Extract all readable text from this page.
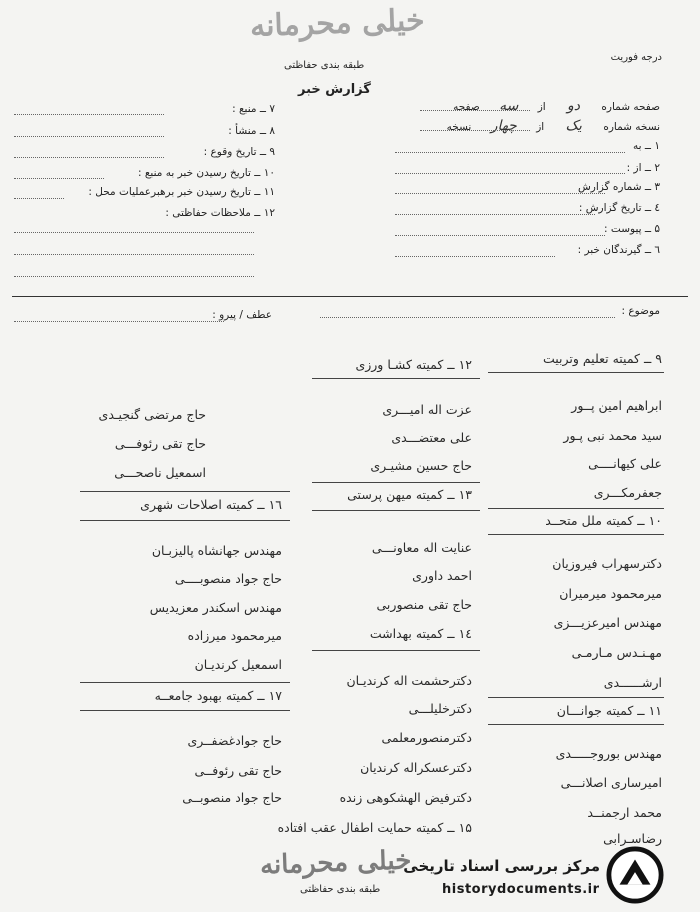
خیلی محرمانه
درجه فوریت
طبقه بندی حفاظتی
گزارش خبر
صفحه شماره دو از سه صفحه
نسخه شماره یک از چهار نسخه
۱ ــ به
۲ ــ از :
۳ ــ شماره گزارش
٤ ــ تاریخ گزارش :
۵ ــ پیوست :
٦ ــ گیرندگان خبر :
۷ ــ منبع :
۸ ــ منشأ :
۹ ــ تاریخ وقوع :
۱۰ ــ تاریخ رسیدن خبر به منبع :
۱۱ ــ تاریخ رسیدن خبر برهبرعملیات محل :
۱۲ ــ ملاحظات حفاظتی :
موضوع :
عطف / پیرو :
۹ ــ کمیته تعلیم وتربیت
ابراهیم امین پــور
سید محمد نبی پـور
علی کیهانــــی
جعفرمکـــری
۱۰ ــ کمیته ملل متحــد
دکترسهراب فیروزیان
میرمحمود میرمیران
مهندس امیرعزیـــزی
مهـنـدس مـارمـی
ارشــــــدی
۱۱ ــ کمیته جوانـــان
مهندس بوروجـــــدی
امیرساری اصلانـــی
محمد ارجمنــد
رضاسـرابی
۱۲ ــ کمیته کشـا ورزی
عزت اله امیـــری
علی معتضـــدی
حاج حسین مشیـری
۱۳ ــ کمیته میهن پرستی
عنایت اله معاونـــی
احمد داوری
حاج تقی منصوربی
۱٤ ــ کمیته بهداشت
دکترحشمت اله کرندیـان
دکترخلیلـــی
دکترمنصورمعلمی
دکترعسکراله کرندیان
دکترفیض الهشکوهی زنده
۱۵ ــ کمیته حمایت اطفال عقب افتاده
حاج مرتضی گنجیـدی
حاج تقی رئوفـــی
اسمعیل ناصحـــی
۱٦ ــ کمیته اصلاحات شهری
مهندس جهانشاه پالیزبـان
حاج جواد منصوبــــی
مهندس اسکندر معزیدیس
میرمحمود میرزاده
اسمعیل کرندیـان
۱۷ ــ کمیته بهبود جامعــه
حاج جوادغضفــری
حاج تقی رئوفــی
حاج جواد منصوبــی
خیلی محرمانه
طبقه بندی حفاظتی
مرکز بررسی اسناد تاریخی
historydocuments.ir
